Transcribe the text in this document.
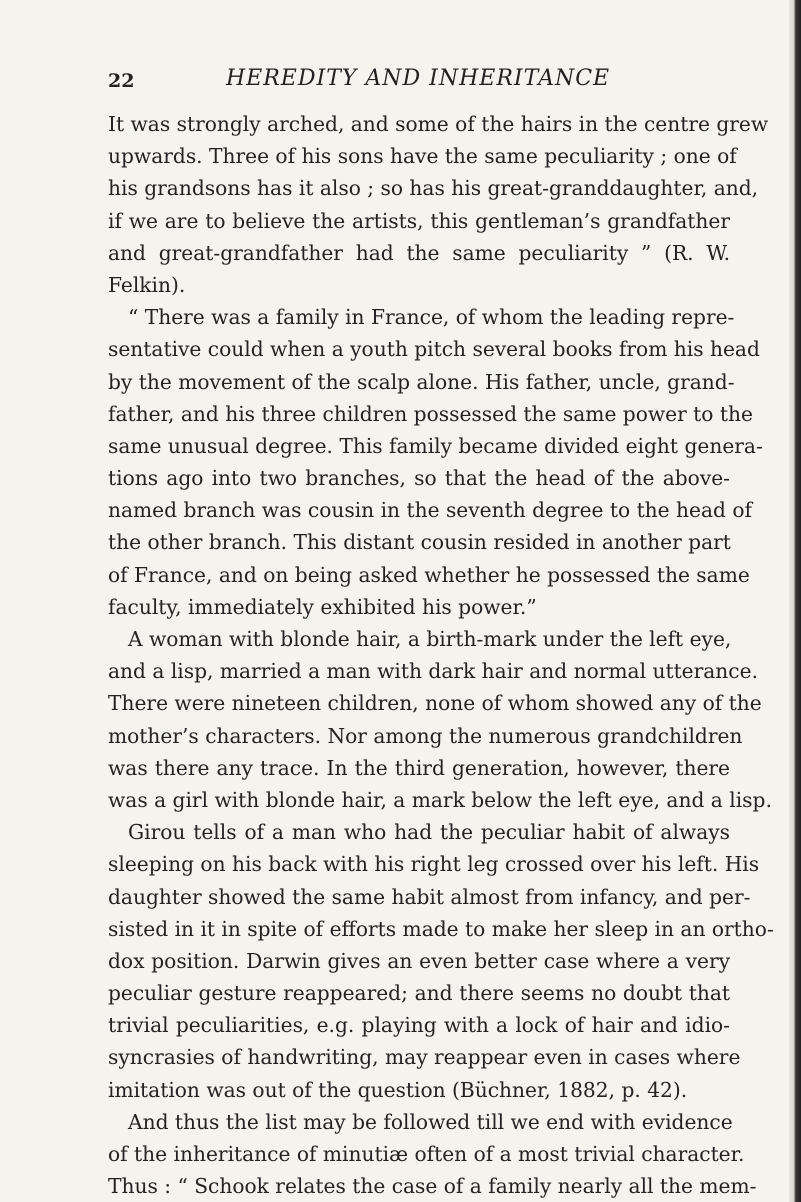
22	HEREDITY AND INHERITANCE
It was strongly arched, and some of the hairs in the centre grew
upwards. Three of his sons have the same peculiarity ; one of
his grandsons has it also ; so has his great-granddaughter, and,
if we are to believe the artists, this gentleman’s grandfather
and great-grandfather had the same peculiarity ” (R. W.
Felkin).
“ There was a family in France, of whom the leading repre-
sentative could when a youth pitch several books from his head
by the movement of the scalp alone. His father, uncle, grand-
father, and his three children possessed the same power to the
same unusual degree. This family became divided eight genera-
tions ago into two branches, so that the head of the above-
named branch was cousin in the seventh degree to the head of
the other branch. This distant cousin resided in another part
of France, and on being asked whether he possessed the same
faculty, immediately exhibited his power.”
A woman with blonde hair, a birth-mark under the left eye,
and a lisp, married a man with dark hair and normal utterance.
There were nineteen children, none of whom showed any of the
mother’s characters. Nor among the numerous grandchildren
was there any trace. In the third generation, however, there
was a girl with blonde hair, a mark below the left eye, and a lisp.
Girou tells of a man who had the peculiar habit of always
sleeping on his back with his right leg crossed over his left. His
daughter showed the same habit almost from infancy, and per-
sisted in it in spite of efforts made to make her sleep in an ortho-
dox position. Darwin gives an even better case where a very
peculiar gesture reappeared; and there seems no doubt that
trivial peculiarities, e.g. playing with a lock of hair and idio-
syncrasies of handwriting, may reappear even in cases where
imitation was out of the question (Büchner, 1882, p. 42).
And thus the list may be followed till we end with evidence
of the inheritance of minutiæ often of a most trivial character.
Thus : “ Schook relates the case of a family nearly all the mem-
